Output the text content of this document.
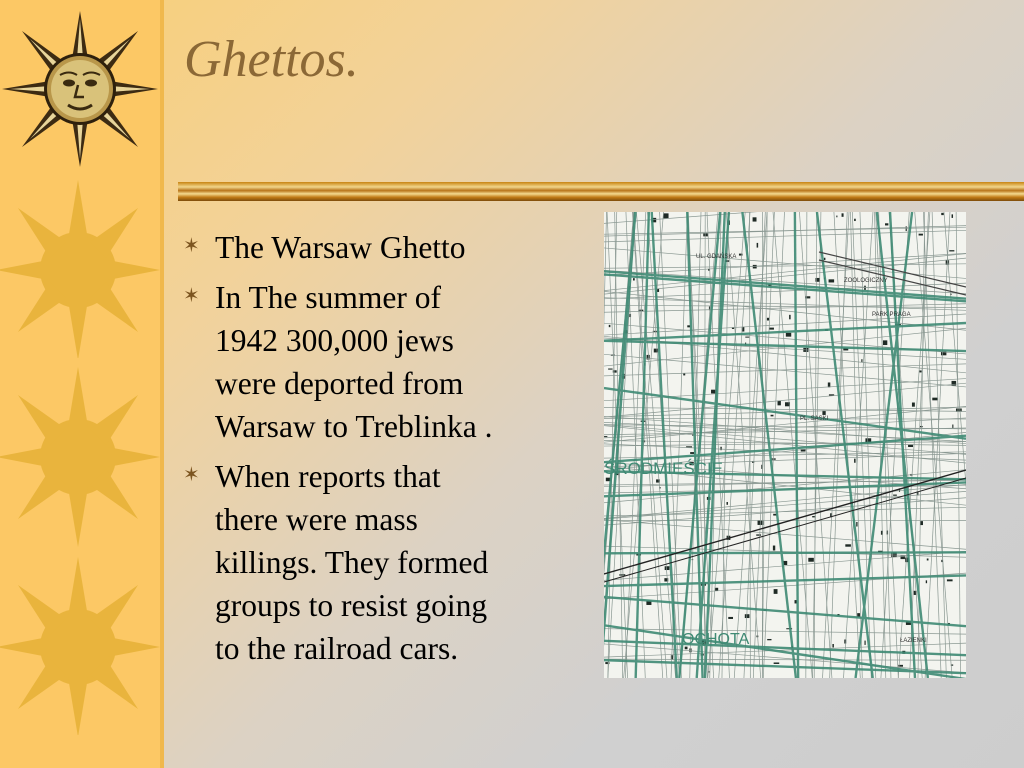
Ghettos.
✶ The Warsaw Ghetto
✶ In The summer of
1942 300,000 jews
were deported from
Warsaw to Treblinka .
✶ When reports that
there were mass
killings. They formed
groups to resist going
to the railroad cars.
ŚRÓDMIEŚCIE
OCHOTA
UL. GDAŃSKA
ZOOLOGICZNY
PARK PRAGA
PL. SASKI
ŁAZIENKI
